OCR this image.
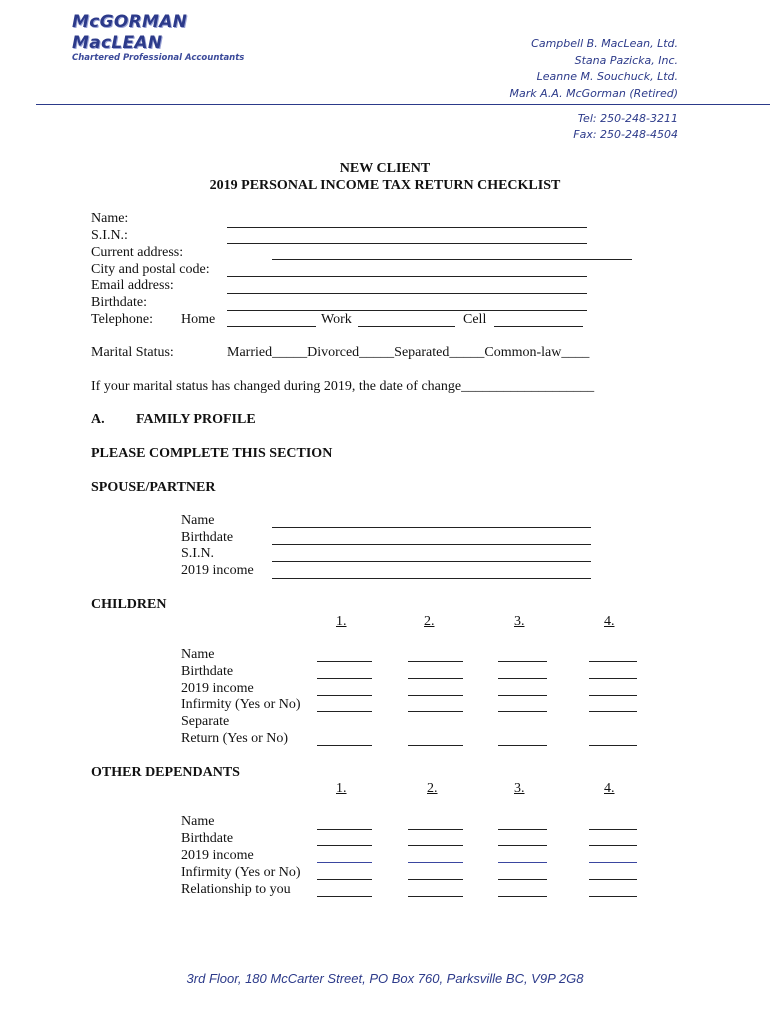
McGORMAN
MacLEAN
Chartered Professional Accountants
Campbell B. MacLean, Ltd.
Stana Pazicka, Inc.
Leanne M. Souchuck, Ltd.
Mark A.A. McGorman (Retired)
Tel: 250-248-3211
Fax: 250-248-4504
NEW CLIENT
2019 PERSONAL INCOME TAX RETURN CHECKLIST
Name:
S.I.N.:
Current address:
City and postal code:
Email address:
Birthdate:
Telephone: Home	Work	Cell
Marital Status:	Married_____Divorced_____Separated_____Common-law____
If your marital status has changed during 2019, the date of change___________________
A. FAMILY PROFILE
PLEASE COMPLETE THIS SECTION
SPOUSE/PARTNER
Name
Birthdate
S.I.N.
2019 income
CHILDREN
1.	2.	3.	4.
Name
Birthdate
2019 income
Infirmity (Yes or No)
Separate
Return (Yes or No)
OTHER DEPENDANTS
1.	2.	3.	4.
Name
Birthdate
2019 income
Infirmity (Yes or No)
Relationship to you
3rd Floor, 180 McCarter Street, PO Box 760, Parksville BC, V9P 2G8
